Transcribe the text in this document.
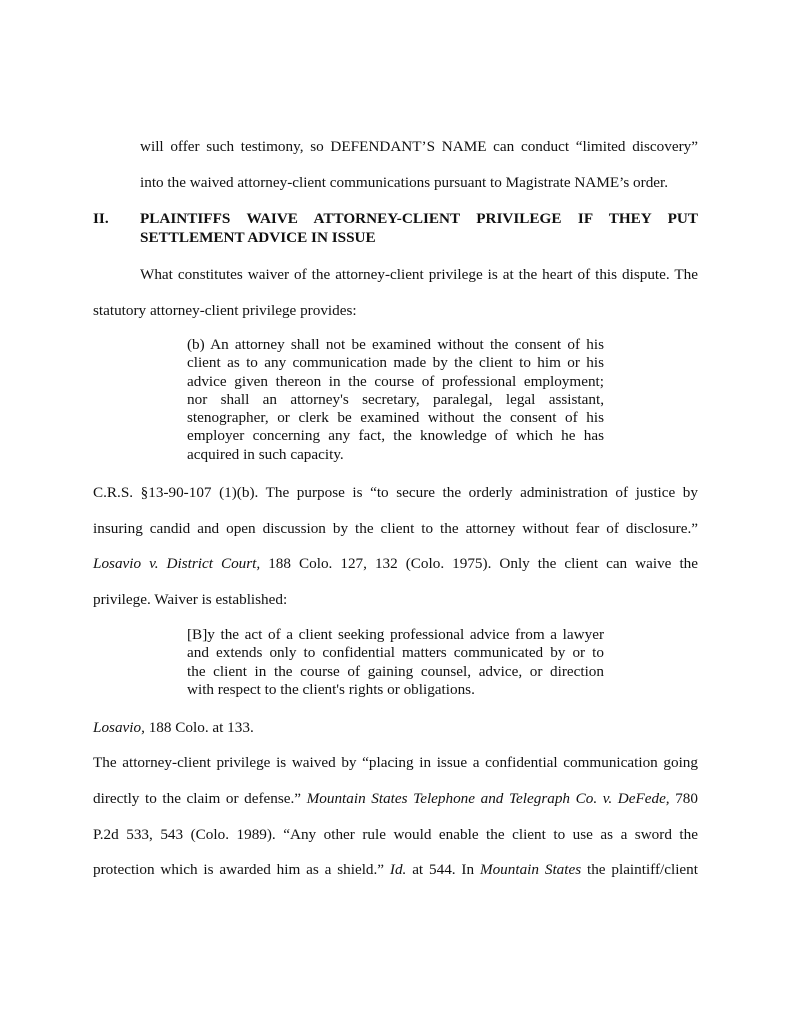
will offer such testimony, so DEFENDANT’S NAME can conduct “limited discovery”
into the waived attorney-client communications pursuant to Magistrate NAME’s order.
II. PLAINTIFFS WAIVE ATTORNEY-CLIENT PRIVILEGE IF THEY PUT
SETTLEMENT ADVICE IN ISSUE
What constitutes waiver of the attorney-client privilege is at the heart of this dispute. The
statutory attorney-client privilege provides:
(b) An attorney shall not be examined without the consent of his
client as to any communication made by the client to him or his
advice given thereon in the course of professional employment;
nor shall an attorney's secretary, paralegal, legal assistant,
stenographer, or clerk be examined without the consent of his
employer concerning any fact, the knowledge of which he has
acquired in such capacity.
C.R.S. §13-90-107 (1)(b). The purpose is “to secure the orderly administration of justice by
insuring candid and open discussion by the client to the attorney without fear of disclosure.”
Losavio v. District Court, 188 Colo. 127, 132 (Colo. 1975). Only the client can waive the
privilege. Waiver is established:
[B]y the act of a client seeking professional advice from a lawyer
and extends only to confidential matters communicated by or to
the client in the course of gaining counsel, advice, or direction
with respect to the client's rights or obligations.
Losavio, 188 Colo. at 133.
The attorney-client privilege is waived by “placing in issue a confidential communication going
directly to the claim or defense.” Mountain States Telephone and Telegraph Co. v. DeFede, 780
P.2d 533, 543 (Colo. 1989). “Any other rule would enable the client to use as a sword the
protection which is awarded him as a shield.” Id. at 544. In Mountain States the plaintiff/client
